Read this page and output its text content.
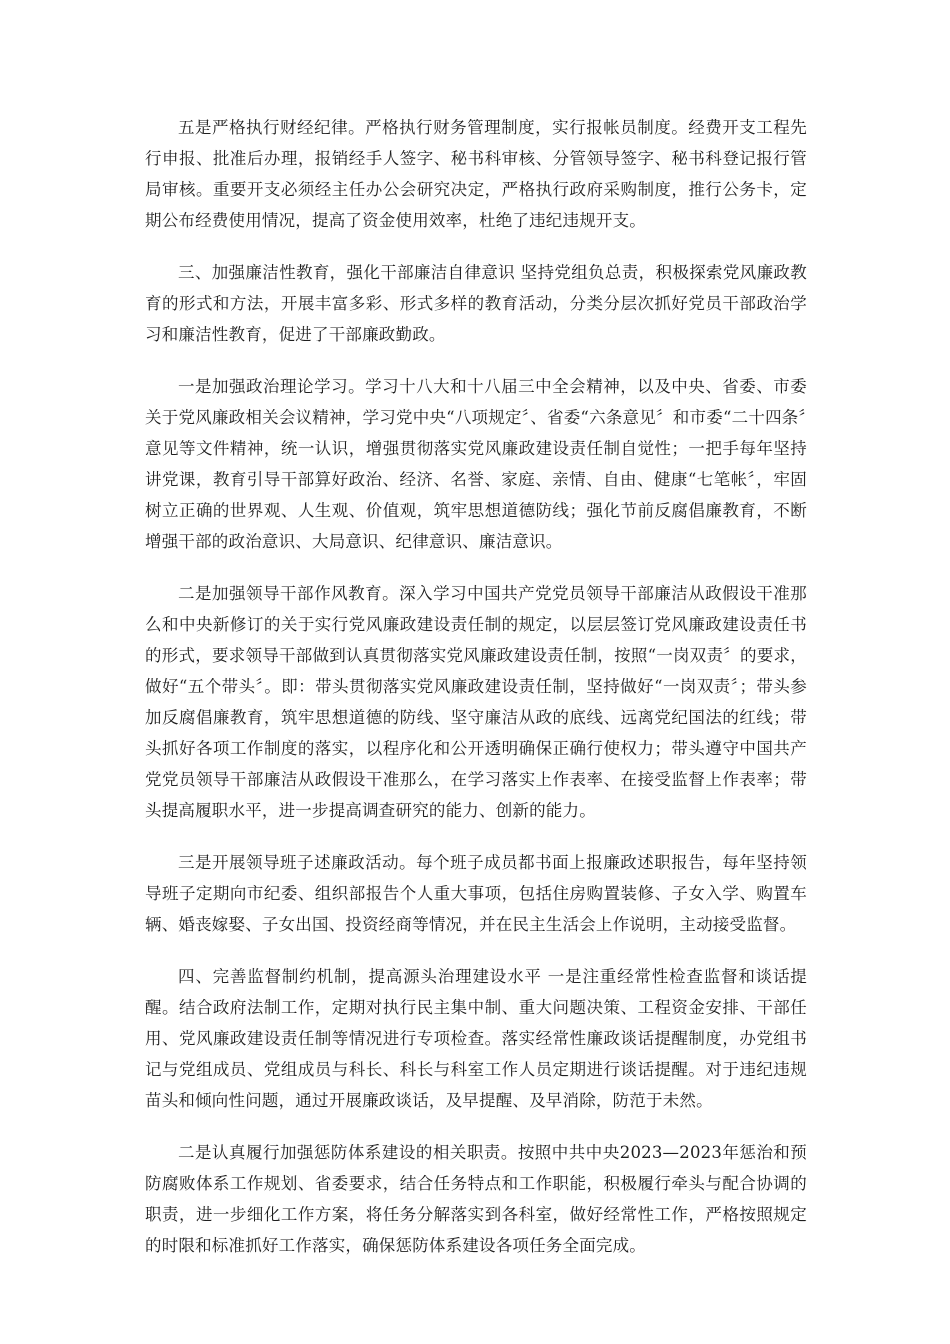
五是严格执行财经纪律。严格执行财务管理制度，实行报帐员制度。经费开支工程先行申报、批准后办理，报销经手人签字、秘书科审核、分管领导签字、秘书科登记报行管局审核。重要开支必须经主任办公会研究决定，严格执行政府采购制度，推行公务卡，定期公布经费使用情况，提高了资金使用效率，杜绝了违纪违规开支。

三、加强廉洁性教育，强化干部廉洁自律意识 坚持党组负总责，积极探索党风廉政教育的形式和方法，开展丰富多彩、形式多样的教育活动，分类分层次抓好党员干部政治学习和廉洁性教育，促进了干部廉政勤政。

一是加强政治理论学习。学习十八大和十八届三中全会精神，以及中央、省委、市委关于党风廉政相关会议精神，学习党中央“八项规定〞、省委“六条意见〞和市委“二十四条〞意见等文件精神，统一认识，增强贯彻落实党风廉政建设责任制自觉性；一把手每年坚持讲党课，教育引导干部算好政治、经济、名誉、家庭、亲情、自由、健康“七笔帐〞，牢固树立正确的世界观、人生观、价值观，筑牢思想道德防线；强化节前反腐倡廉教育，不断增强干部的政治意识、大局意识、纪律意识、廉洁意识。

二是加强领导干部作风教育。深入学习中国共产党党员领导干部廉洁从政假设干准那么和中央新修订的关于实行党风廉政建设责任制的规定，以层层签订党风廉政建设责任书的形式，要求领导干部做到认真贯彻落实党风廉政建设责任制，按照“一岗双责〞的要求，做好“五个带头〞。即：带头贯彻落实党风廉政建设责任制，坚持做好“一岗双责〞；带头参加反腐倡廉教育，筑牢思想道德的防线、坚守廉洁从政的底线、远离党纪国法的红线；带头抓好各项工作制度的落实，以程序化和公开透明确保正确行使权力；带头遵守中国共产党党员领导干部廉洁从政假设干准那么，在学习落实上作表率、在接受监督上作表率；带头提高履职水平，进一步提高调查研究的能力、创新的能力。

三是开展领导班子述廉政活动。每个班子成员都书面上报廉政述职报告，每年坚持领导班子定期向市纪委、组织部报告个人重大事项，包括住房购置装修、子女入学、购置车辆、婚丧嫁娶、子女出国、投资经商等情况，并在民主生活会上作说明，主动接受监督。

四、完善监督制约机制，提高源头治理建设水平 一是注重经常性检查监督和谈话提醒。结合政府法制工作，定期对执行民主集中制、重大问题决策、工程资金安排、干部任用、党风廉政建设责任制等情况进行专项检查。落实经常性廉政谈话提醒制度，办党组书记与党组成员、党组成员与科长、科长与科室工作人员定期进行谈话提醒。对于违纪违规苗头和倾向性问题，通过开展廉政谈话，及早提醒、及早消除，防范于未然。

二是认真履行加强惩防体系建设的相关职责。按照中共中央2023—2023年惩治和预防腐败体系工作规划、省委要求，结合任务特点和工作职能，积极履行牵头与配合协调的职责，进一步细化工作方案，将任务分解落实到各科室，做好经常性工作，严格按照规定的时限和标准抓好工作落实，确保惩防体系建设各项任务全面完成。
